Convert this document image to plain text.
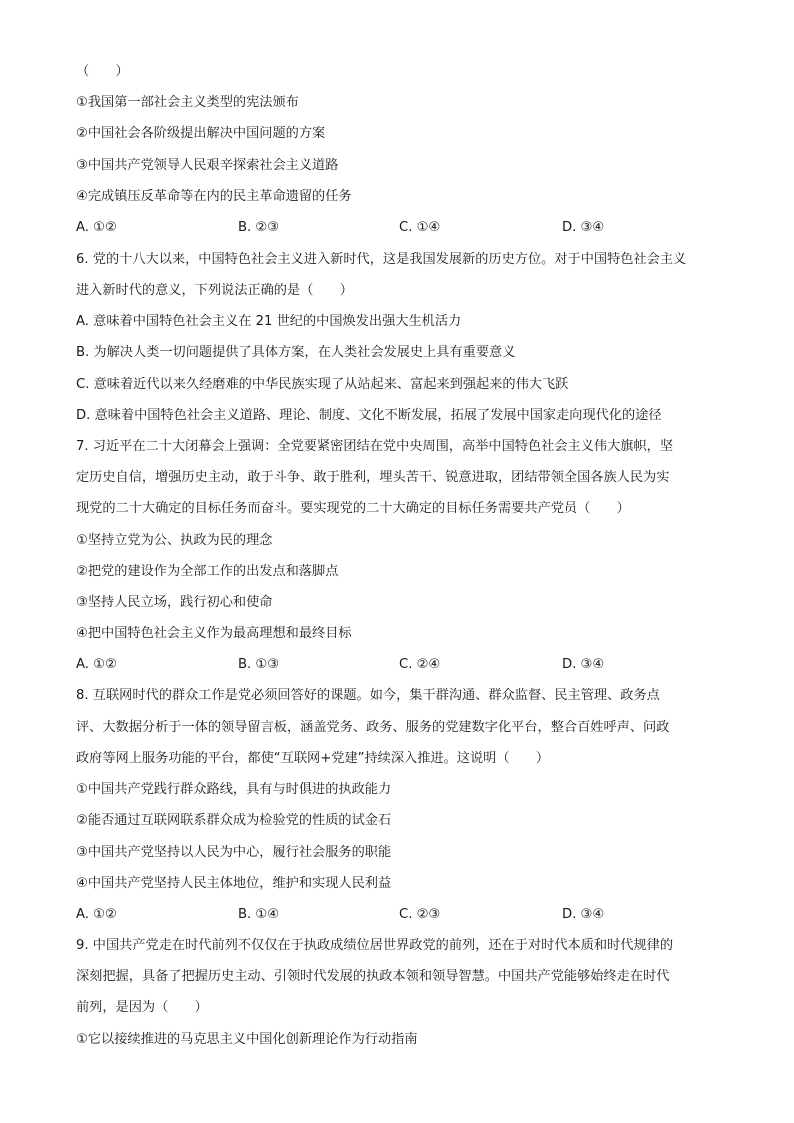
（　　）
①我国第一部社会主义类型的宪法颁布
②中国社会各阶级提出解决中国问题的方案
③中国共产党领导人民艰辛探索社会主义道路
④完成镇压反革命等在内的民主革命遗留的任务
A. ①②	B. ②③	C. ①④	D. ③④
6. 党的十八大以来，中国特色社会主义进入新时代，这是我国发展新的历史方位。对于中国特色社会主义
进入新时代的意义，下列说法正确的是（　　）
A. 意味着中国特色社会主义在 21 世纪的中国焕发出强大生机活力
B. 为解决人类一切问题提供了具体方案，在人类社会发展史上具有重要意义
C. 意味着近代以来久经磨难的中华民族实现了从站起来、富起来到强起来的伟大飞跃
D. 意味着中国特色社会主义道路、理论、制度、文化不断发展，拓展了发展中国家走向现代化的途径
7. 习近平在二十大闭幕会上强调：全党要紧密团结在党中央周围，高举中国特色社会主义伟大旗帜，坚
定历史自信，增强历史主动，敢于斗争、敢于胜利，埋头苦干、锐意进取，团结带领全国各族人民为实
现党的二十大确定的目标任务而奋斗。要实现党的二十大确定的目标任务需要共产党员（　　）
①坚持立党为公、执政为民的理念
②把党的建设作为全部工作的出发点和落脚点
③坚持人民立场，践行初心和使命
④把中国特色社会主义作为最高理想和最终目标
A. ①②	B. ①③	C. ②④	D. ③④
8. 互联网时代的群众工作是党必须回答好的课题。如今，集干群沟通、群众监督、民主管理、政务点
评、大数据分析于一体的领导留言板，涵盖党务、政务、服务的党建数字化平台，整合百姓呼声、问政
政府等网上服务功能的平台，都使“互联网+党建”持续深入推进。这说明（　　）
①中国共产党践行群众路线，具有与时俱进的执政能力
②能否通过互联网联系群众成为检验党的性质的试金石
③中国共产党坚持以人民为中心，履行社会服务的职能
④中国共产党坚持人民主体地位，维护和实现人民利益
A. ①②	B. ①④	C. ②③	D. ③④
9. 中国共产党走在时代前列不仅仅在于执政成绩位居世界政党的前列，还在于对时代本质和时代规律的
深刻把握，具备了把握历史主动、引领时代发展的执政本领和领导智慧。中国共产党能够始终走在时代
前列，是因为（　　）
①它以接续推进的马克思主义中国化创新理论作为行动指南
